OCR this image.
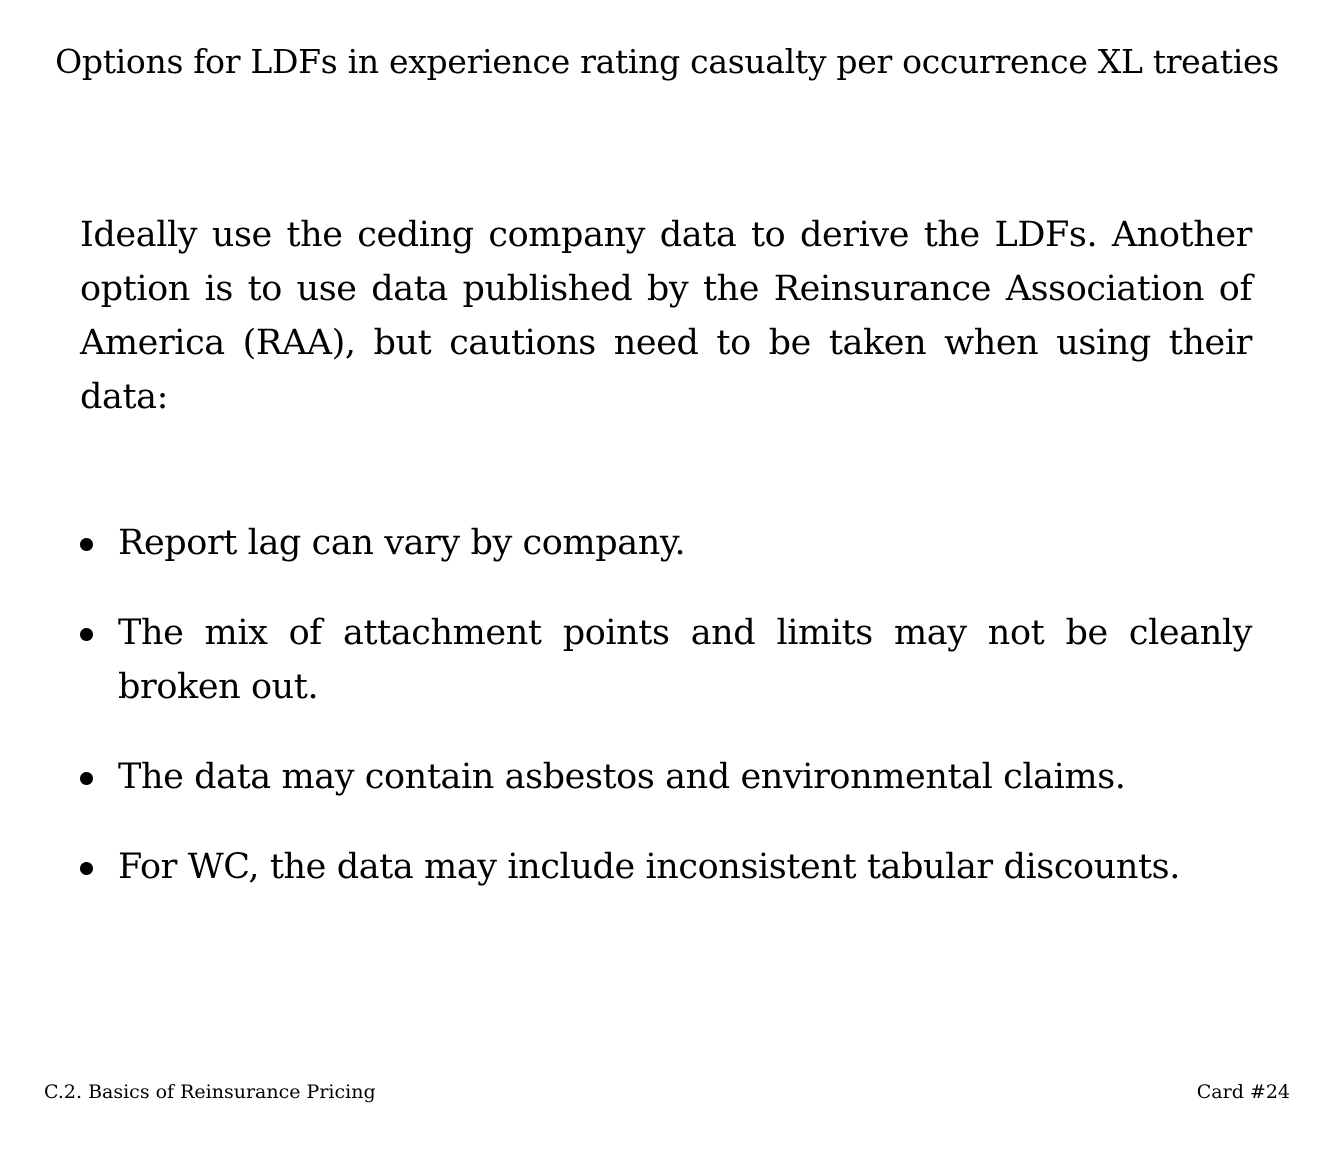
Options for LDFs in experience rating casualty per occurrence XL treaties

Ideally use the ceding company data to derive the LDFs. Another option is to use data published by the Reinsurance Association of America (RAA), but cautions need to be taken when using their data:

Report lag can vary by company.
The mix of attachment points and limits may not be cleanly broken out.
The data may contain asbestos and environmental claims.
For WC, the data may include inconsistent tabular discounts.
C.2. Basics of Reinsurance Pricing	Card #24
